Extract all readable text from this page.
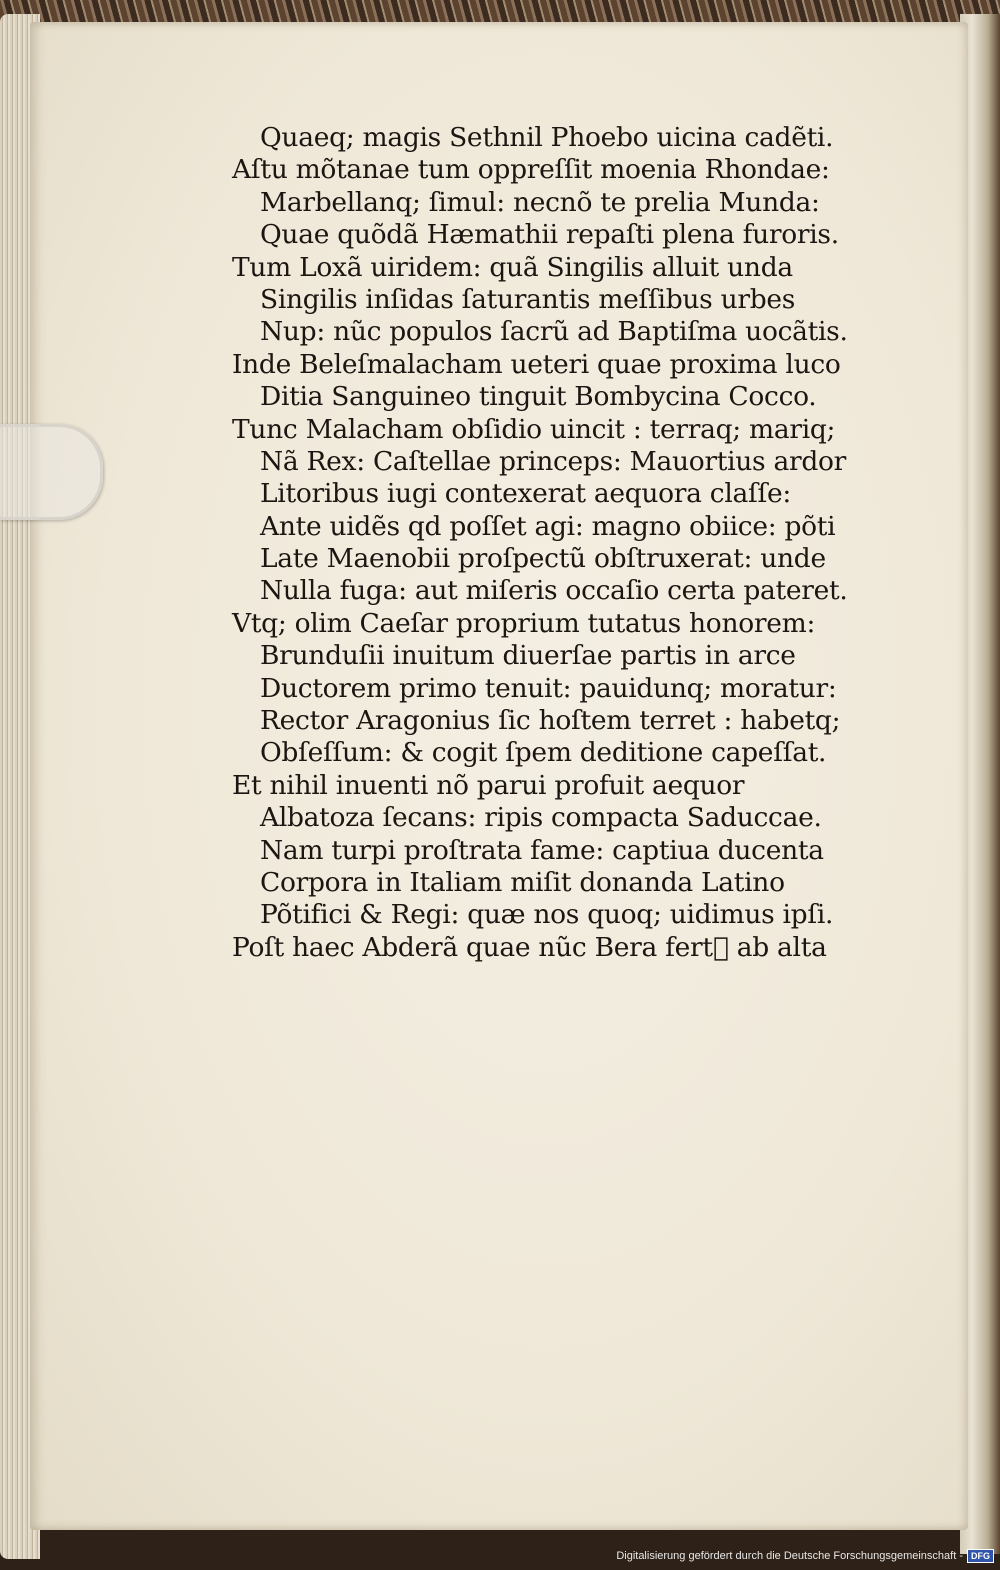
Quaeq; magis Sethnil Phoebo uicina cadẽti.
Aſtu mõtanae tum oppreſſit moenia Rhondae:
Marbellanq; ſimul: necnõ te prelia Munda:
Quae quõdã Hæmathii repaſti plena furoris.
Tum Loxã uiridem: quã Singilis alluit unda
Singilis inſidas ſaturantis meſſibus urbes
Nup: nũc populos ſacrũ ad Baptiſma uocãtis.
Inde Beleſmalacham ueteri quae proxima luco
Ditia Sanguineo tinguit Bombycina Cocco.
Tunc Malacham obſidio uincit : terraq; mariq;
Nã Rex: Caſtellae princeps: Mauortius ardor
Litoribus iugi contexerat aequora claſſe:
Ante uidẽs qd poſſet agi: magno obiice: põti
Late Maenobii proſpectũ obſtruxerat: unde
Nulla fuga: aut miſeris occaſio certa pateret.
Vtq; olim Caeſar proprium tutatus honorem:
Brunduſii inuitum diuerſae partis in arce
Ductorem primo tenuit: pauidunq; moratur:
Rector Aragonius ſic hoſtem terret : habetq;
Obſeſſum: & cogit ſpem deditione capeſſat.
Et nihil inuenti nõ parui profuit aequor
Albatoza ſecans: ripis compacta Saduccae.
Nam turpi proſtrata fame: captiua ducenta
Corpora in Italiam miſit donanda Latino
Põtifici & Regi: quæ nos quoq; uidimus ipſi.
Poſt haec Abderã quae nũc Bera fertᷣ ab alta
Digitalisierung gefördert durch die Deutsche Forschungsgemeinschaft - DFG
